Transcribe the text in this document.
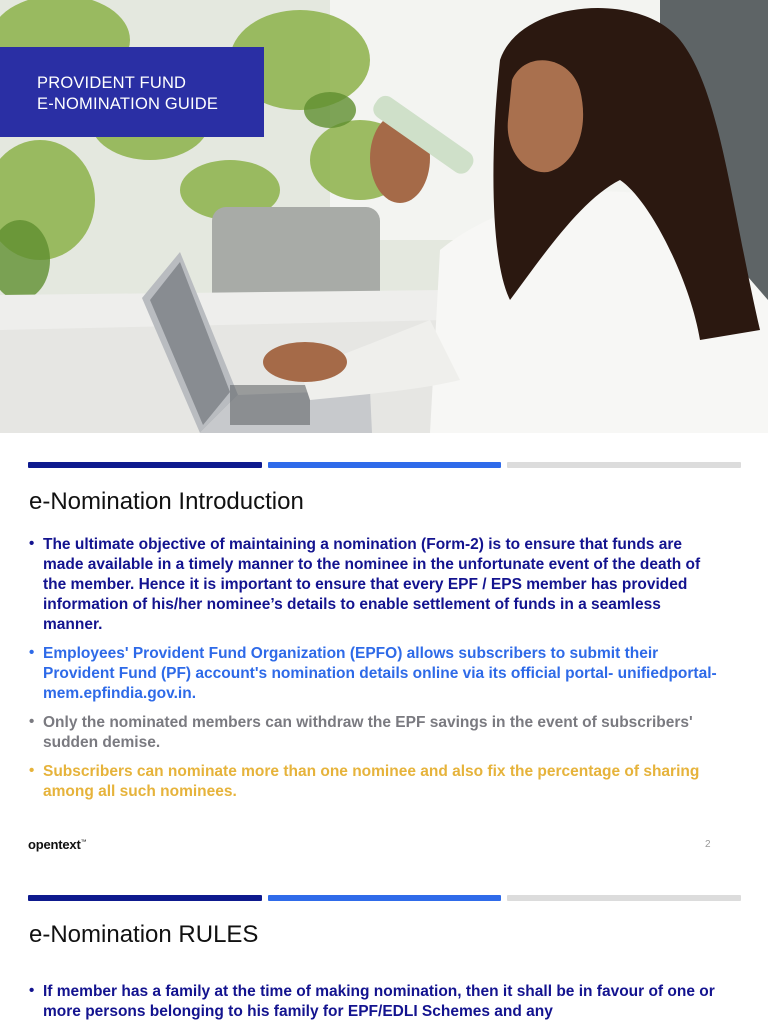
PROVIDENT FUND
E-NOMINATION GUIDE
e-Nomination Introduction
• The ultimate objective of maintaining a nomination (Form-2) is to ensure that funds are made available in a timely manner to the nominee in the unfortunate event of the death of the member. Hence it is important to ensure that every EPF / EPS member has provided information of his/her nominee’s details to enable settlement of funds in a seamless manner.
• Employees' Provident Fund Organization (EPFO) allows subscribers to submit their Provident Fund (PF) account's nomination details online via its official portal- unifiedportal-mem.epfindia.gov.in.
• Only the nominated members can withdraw the EPF savings in the event of subscribers' sudden demise.
• Subscribers can nominate more than one nominee and also fix the percentage of sharing among all such nominees.
opentext™	2
e-Nomination RULES
• If member has a family at the time of making nomination, then it shall be in favour of one or more persons belonging to his family for EPF/EDLI Schemes and any
